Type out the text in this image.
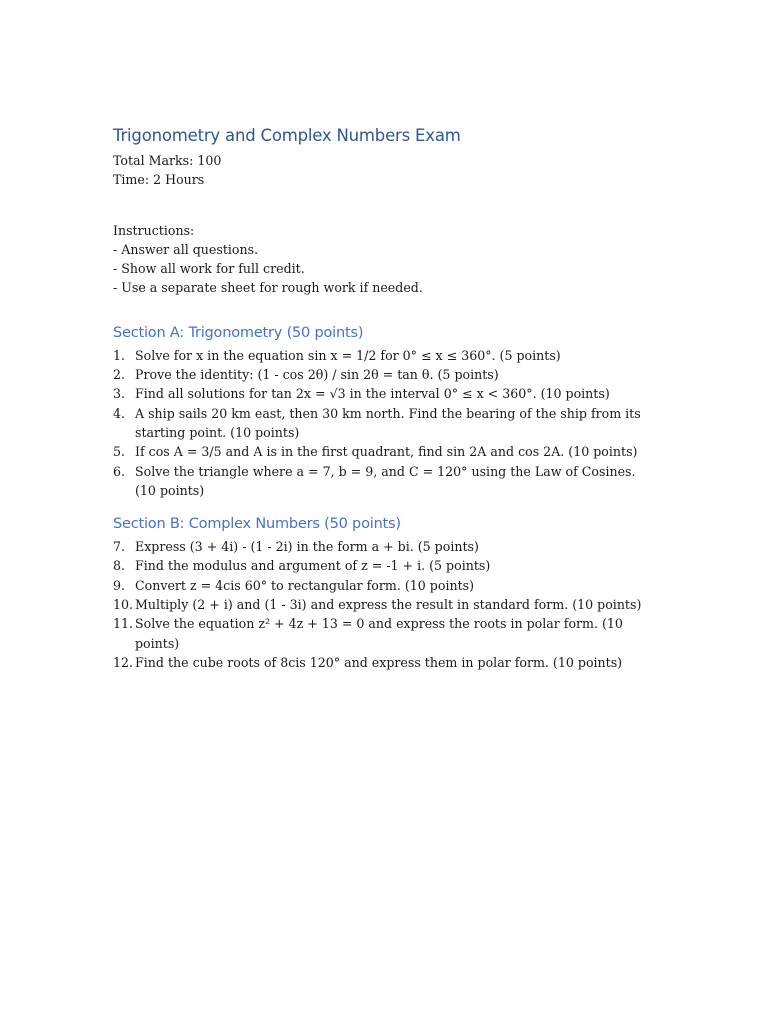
Trigonometry and Complex Numbers Exam

Total Marks: 100

Time: 2 Hours

Instructions:

- Answer all questions.

- Show all work for full credit.

- Use a separate sheet for rough work if needed.

Section A: Trigonometry (50 points)
1. Solve for x in the equation sin x = 1/2 for 0° ≤ x ≤ 360°. (5 points)
2. Prove the identity: (1 - cos 2θ) / sin 2θ = tan θ. (5 points)
3. Find all solutions for tan 2x = √3 in the interval 0° ≤ x < 360°. (10 points)
4. A ship sails 20 km east, then 30 km north. Find the bearing of the ship from its starting point. (10 points)
5. If cos A = 3/5 and A is in the first quadrant, find sin 2A and cos 2A. (10 points)
6. Solve the triangle where a = 7, b = 9, and C = 120° using the Law of Cosines. (10 points)
Section B: Complex Numbers (50 points)
7. Express (3 + 4i) - (1 - 2i) in the form a + bi. (5 points)
8. Find the modulus and argument of z = -1 + i. (5 points)
9. Convert z = 4cis 60° to rectangular form. (10 points)
10. Multiply (2 + i) and (1 - 3i) and express the result in standard form. (10 points)
11. Solve the equation z² + 4z + 13 = 0 and express the roots in polar form. (10 points)
12. Find the cube roots of 8cis 120° and express them in polar form. (10 points)
